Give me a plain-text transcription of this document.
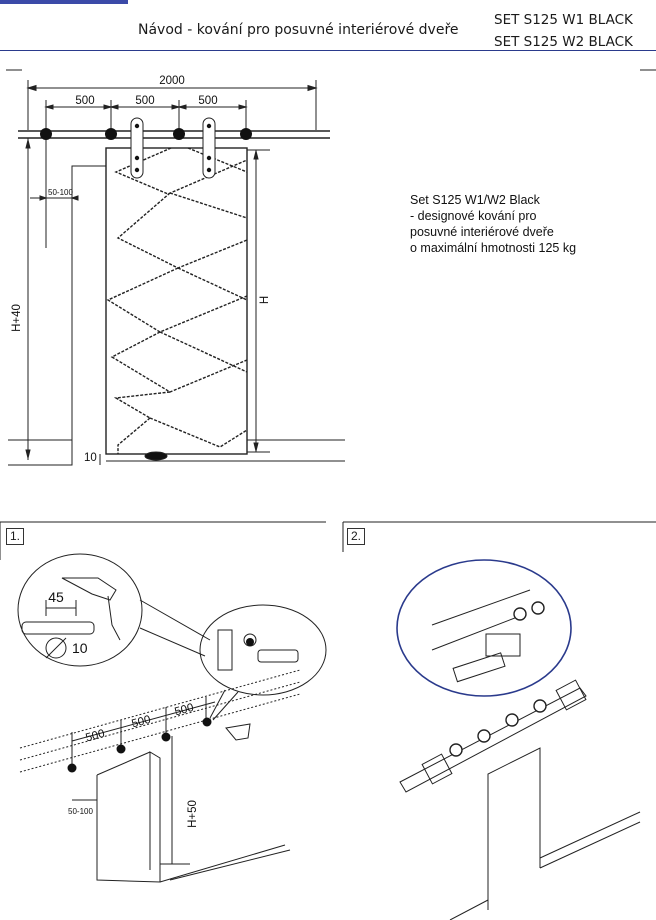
Návod - kování pro posuvné interiérové dveře
SET S125 W1 BLACK
SET S125 W2 BLACK
Set S125 W1/W2 Black
- designové kování pro
posuvné interiérové dveře
o maximální hmotnosti 125 kg
2000
500	500	500
50-100
H+40
H
10
500
500
500
50-100	H+50
45
10
1.	2.
